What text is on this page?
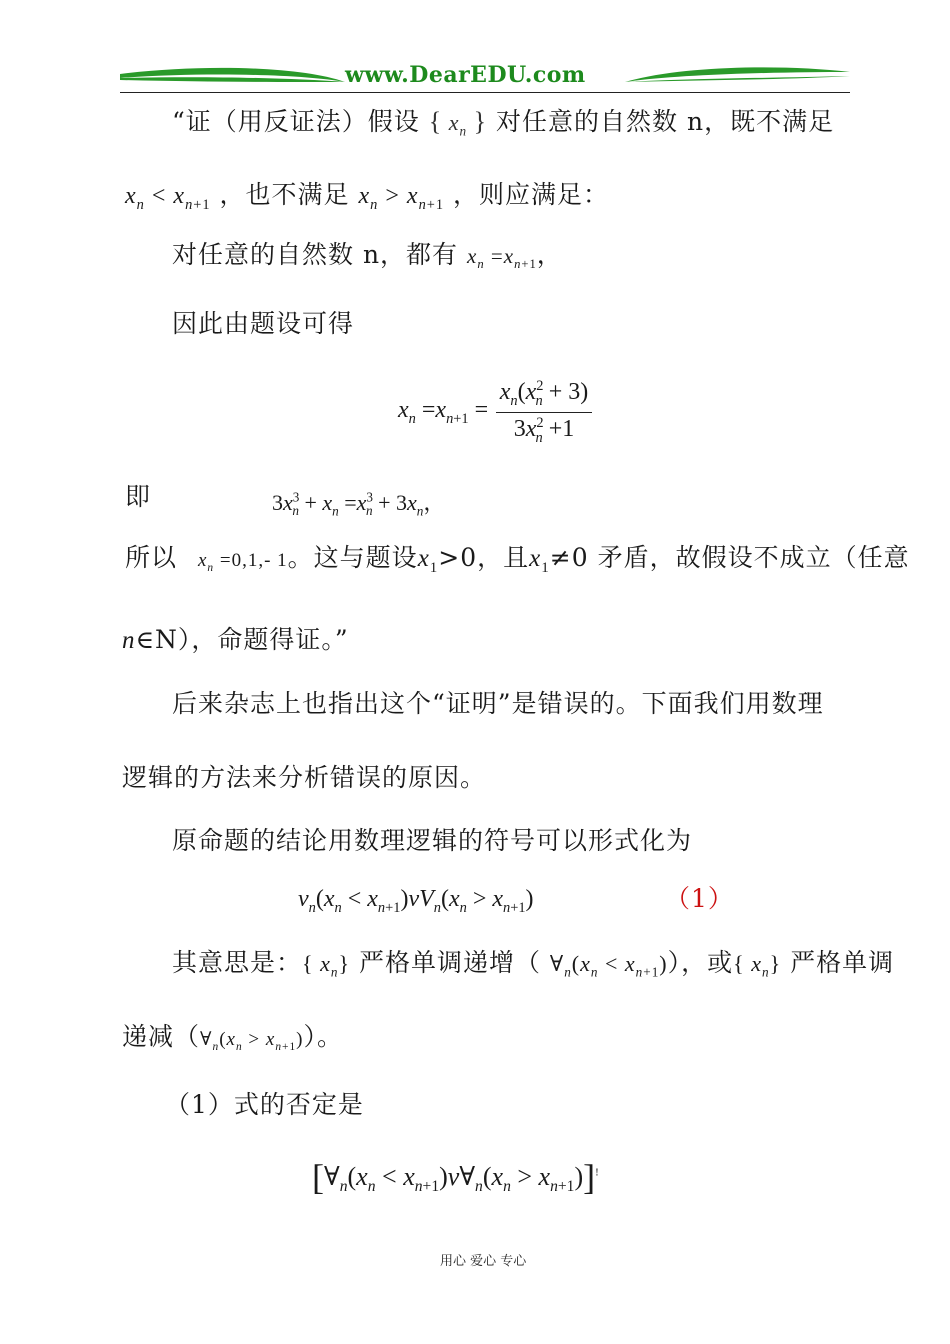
www.DearEDU.com
“证（用反证法）假设 { $x_n$ } 对任意的自然数 n，既不满足
$x_n < x_{n+1}$ ，也不满足 $x_n > x_{n+1}$ ，则应满足：
对任意的自然数 n，都有 $x_n =x_{n+1}$，
因此由题设可得
$x_n =x_{n+1} = \frac{x_n(x^2_n + 3)}{3x^2_n +1}$
即	$3x^3_n + x_n =x^3_n + 3x_n$，
所以 $x_n =0,1,-$ 1。这与题设$x_1>0$，且$x_1\ne 0$ 矛盾，故假设不成立（任意
n∈N），命题得证。”
后来杂志上也指出这个“证明”是错误的。下面我们用数理
逻辑的方法来分析错误的原因。
原命题的结论用数理逻辑的符号可以形式化为
$v_n(x_n < x_{n+1})vV_n(x_n > x_{n+1})$	（1）
其意思是：{ $x_n$} 严格单调递增（ $\forall_n(x_n < x_{n+1})$），或{ $x_n$} 严格单调
递减$(\forall_n(x_n > x_{n+1}))$。
（1）式的否定是
[$\forall_n(x_n$ < $x_{n+1})v\forall_n(x_n > x_{n+1})]^!$
用心 爱心 专心
